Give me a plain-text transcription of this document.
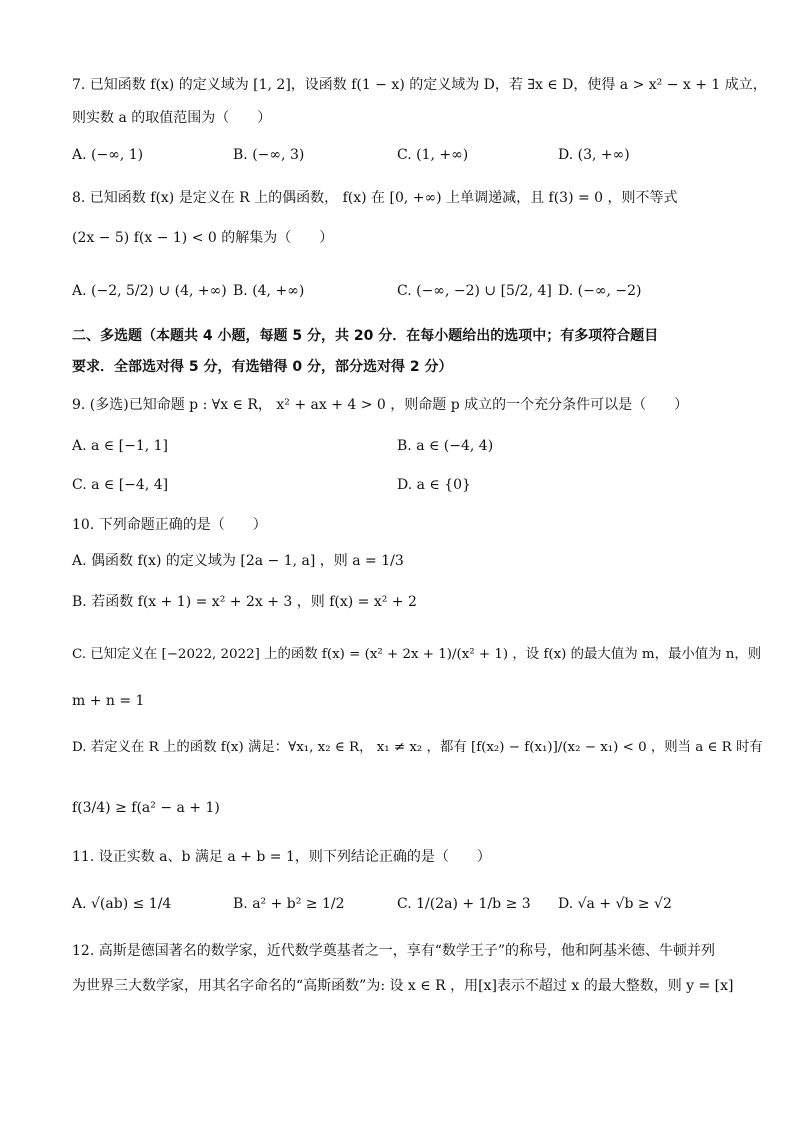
7. 已知函数 f(x) 的定义域为 [1, 2]，设函数 f(1 − x) 的定义域为 D，若 ∃x ∈ D，使得 a > x² − x + 1 成立，
则实数 a 的取值范围为（　　）
A. (−∞, 1)	B. (−∞, 3)	C. (1, +∞)	D. (3, +∞)
8. 已知函数 f(x) 是定义在 R 上的偶函数， f(x) 在 [0, +∞) 上单调递减，且 f(3) = 0 ，则不等式
(2x − 5) f(x − 1) < 0 的解集为（　　）
A. (−2, 5/2) ∪ (4, +∞) B. (4, +∞)	C. (−∞, −2) ∪ [5/2, 4] D. (−∞, −2)
二、多选题（本题共 4 小题，每题 5 分，共 20 分．在每小题给出的选项中；有多项符合题目
要求．全部选对得 5 分，有选错得 0 分，部分选对得 2 分）
9. (多选)已知命题 p : ∀x ∈ R， x² + ax + 4 > 0 ，则命题 p 成立的一个充分条件可以是（　　）
A. a ∈ [−1, 1]	B. a ∈ (−4, 4)
C. a ∈ [−4, 4]	D. a ∈ {0}
10. 下列命题正确的是（　　）
A. 偶函数 f(x) 的定义域为 [2a − 1, a] ，则 a = 1/3
B. 若函数 f(x + 1) = x² + 2x + 3 ，则 f(x) = x² + 2
C. 已知定义在 [−2022, 2022] 上的函数 f(x) = (x² + 2x + 1)/(x² + 1) ，设 f(x) 的最大值为 m，最小值为 n，则
m + n = 1
D. 若定义在 R 上的函数 f(x) 满足：∀x₁, x₂ ∈ R， x₁ ≠ x₂ ，都有 [f(x₂) − f(x₁)]/(x₂ − x₁) < 0 ，则当 a ∈ R 时有
f(3/4) ≥ f(a² − a + 1)
11. 设正实数 a、b 满足 a + b = 1，则下列结论正确的是（　　）
A. √(ab) ≤ 1/4	B. a² + b² ≥ 1/2	C. 1/(2a) + 1/b ≥ 3 D. √a + √b ≥ √2
12. 高斯是德国著名的数学家，近代数学奠基者之一，享有“数学王子”的称号，他和阿基米德、牛顿并列
为世界三大数学家，用其名字命名的“高斯函数”为: 设 x ∈ R ，用[x]表示不超过 x 的最大整数，则 y = [x]
